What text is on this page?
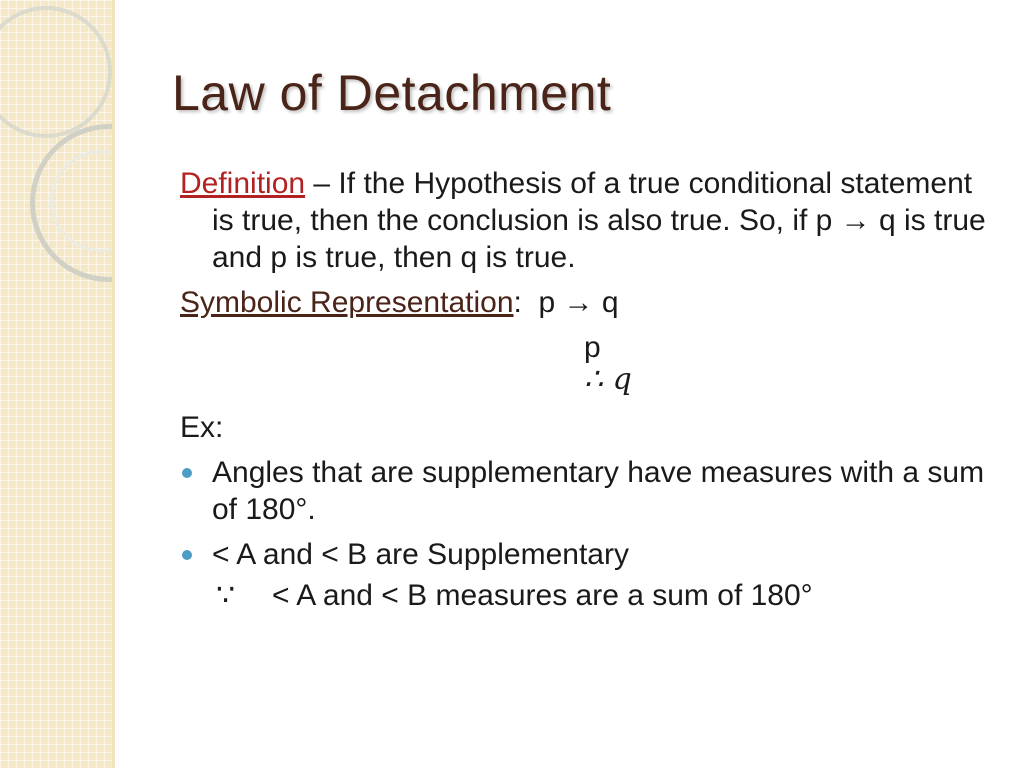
Law of Detachment

Definition – If the Hypothesis of a true conditional statement is true, then the conclusion is also true. So, if p → q is true and p is true, then q is true.

Symbolic Representation: p → q

p
∴ q

Ex:

Angles that are supplementary have measures with a sum of 180°.
< A and < B are Supplementary
∵ < A and < B measures are a sum of 180°
